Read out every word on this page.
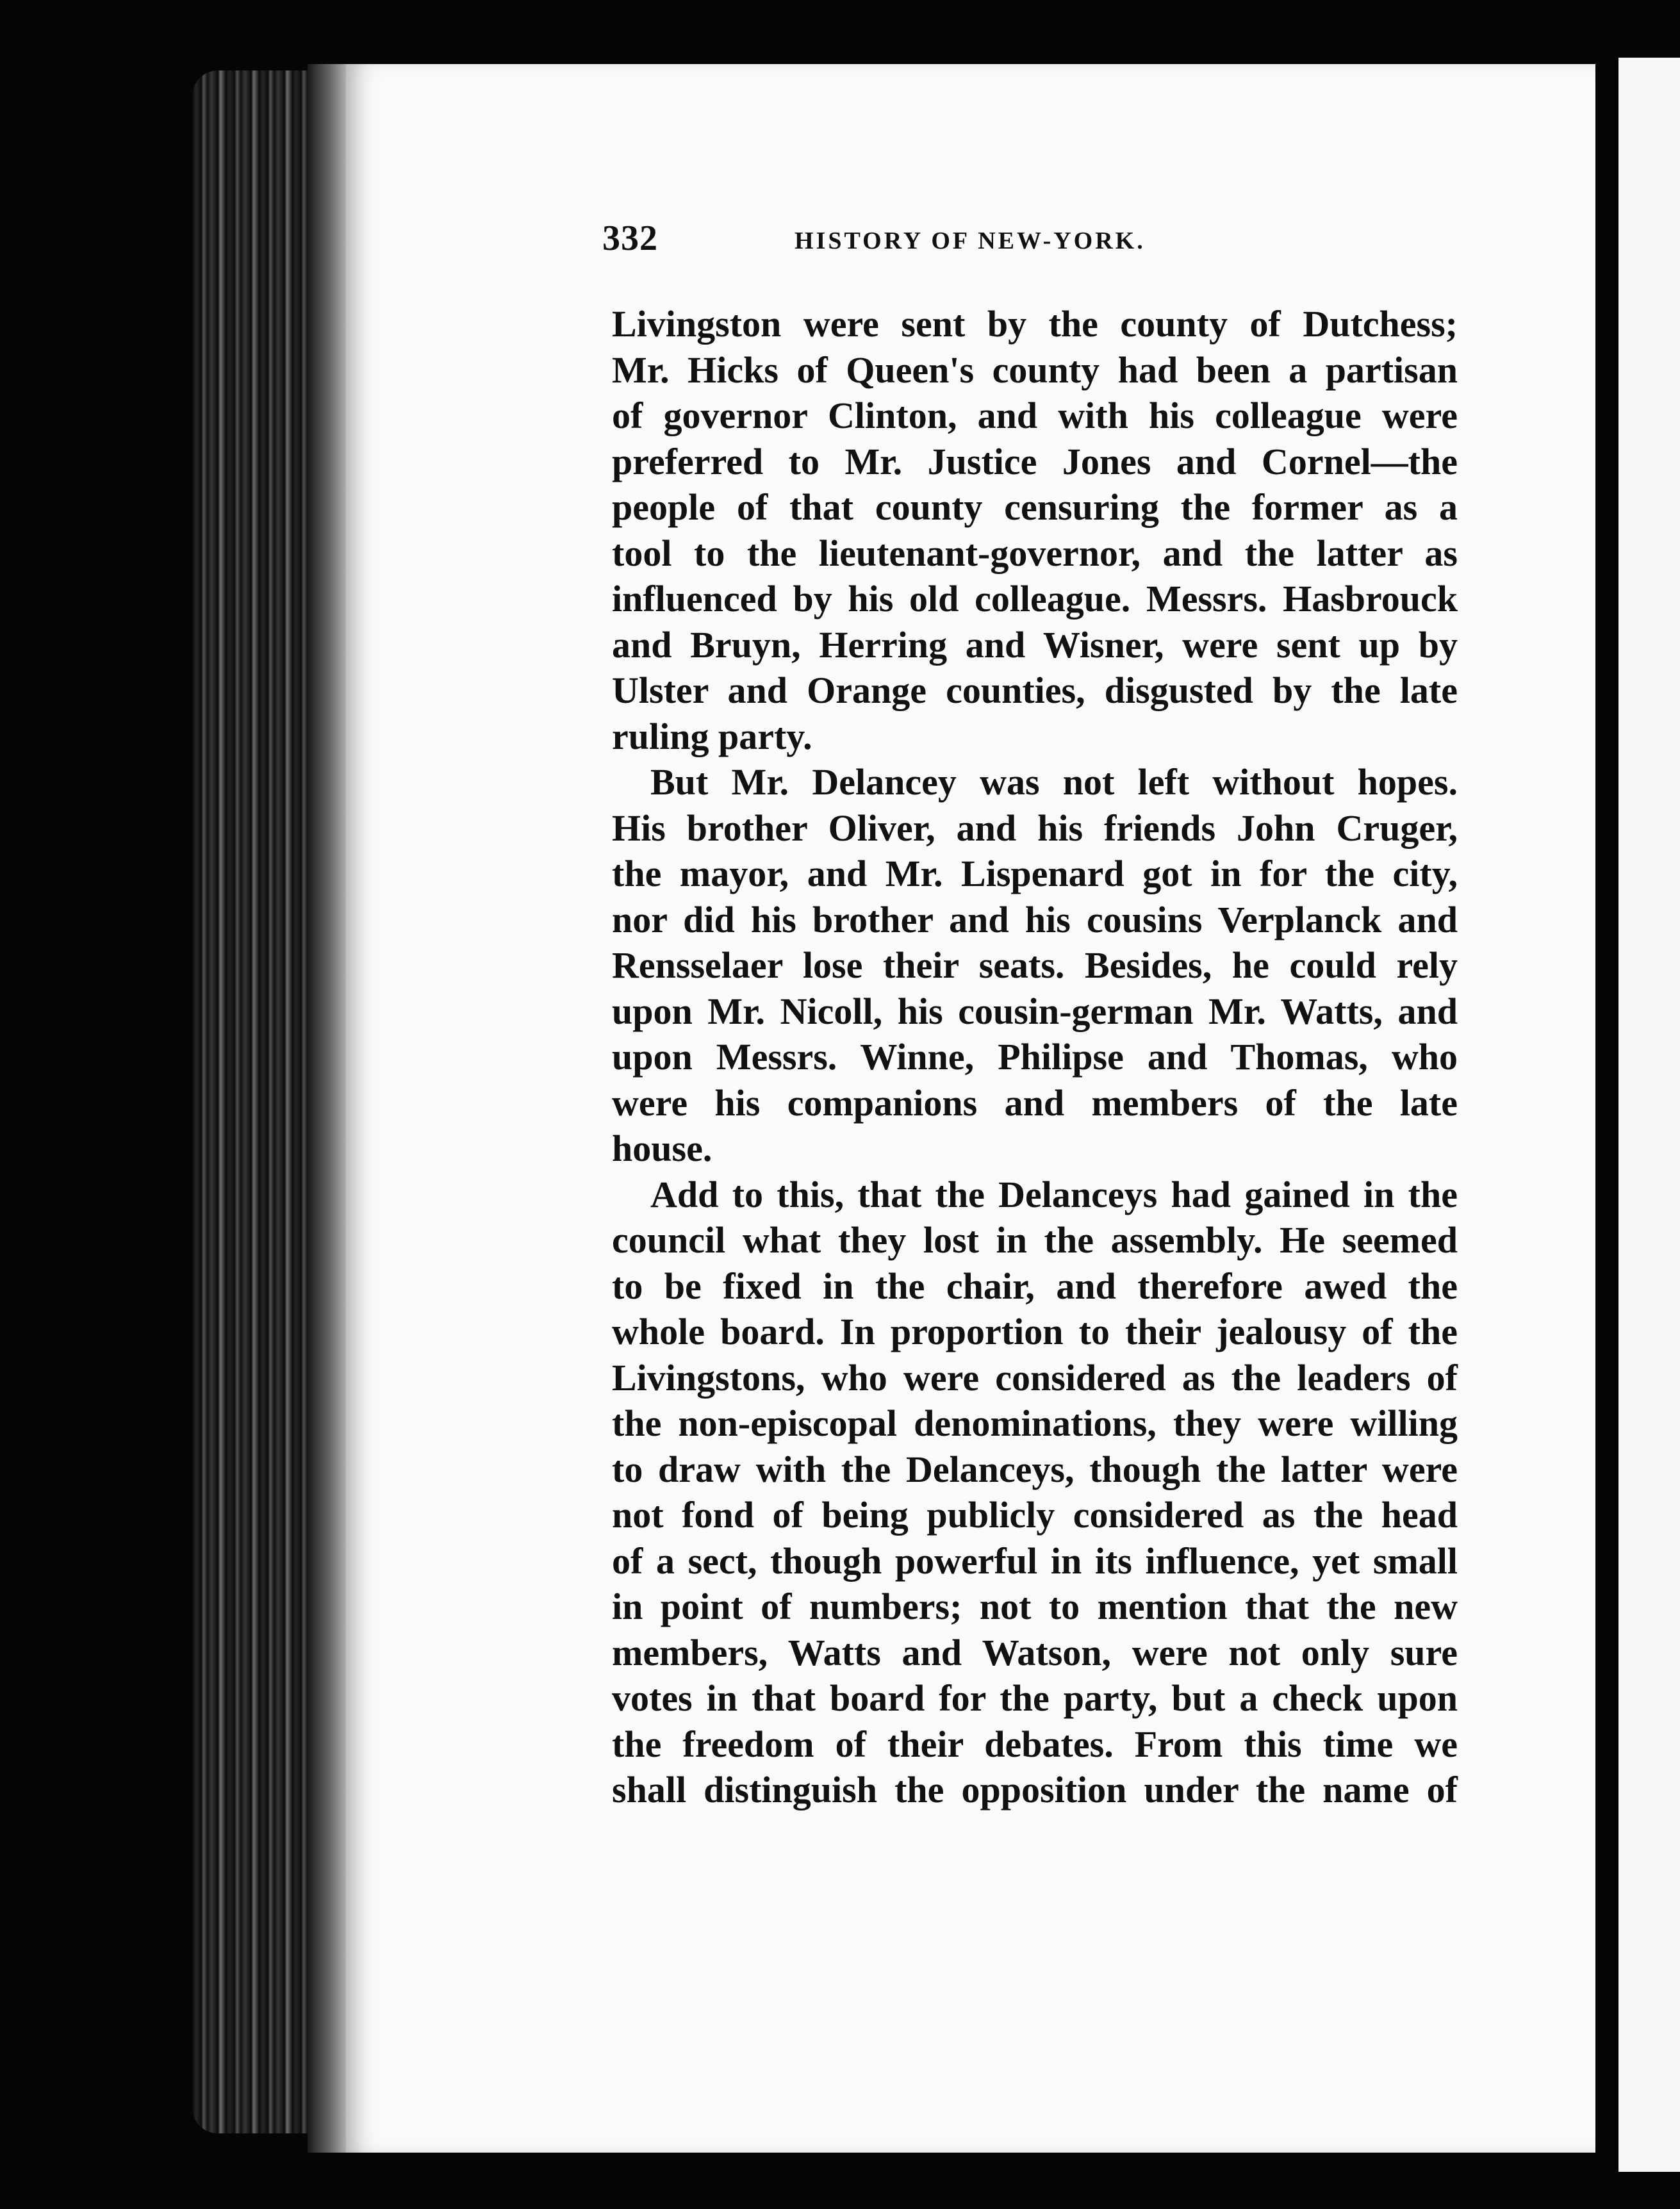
332	HISTORY OF NEW-YORK.
Livingston were sent by the county of Dutchess;
Mr. Hicks of Queen's county had been a partisan
of governor Clinton, and with his colleague were
preferred to Mr. Justice Jones and Cornel—the
people of that county censuring the former as a
tool to the lieutenant-governor, and the latter as
influenced by his old colleague. Messrs. Hasbrouck
and Bruyn, Herring and Wisner, were sent up by
Ulster and Orange counties, disgusted by the late
ruling party.
But Mr. Delancey was not left without hopes.
His brother Oliver, and his friends John Cruger,
the mayor, and Mr. Lispenard got in for the city,
nor did his brother and his cousins Verplanck and
Rensselaer lose their seats. Besides, he could rely
upon Mr. Nicoll, his cousin-german Mr. Watts, and
upon Messrs. Winne, Philipse and Thomas, who
were his companions and members of the late
house.
Add to this, that the Delanceys had gained in the
council what they lost in the assembly. He seemed
to be fixed in the chair, and therefore awed the
whole board. In proportion to their jealousy of the
Livingstons, who were considered as the leaders of
the non-episcopal denominations, they were willing
to draw with the Delanceys, though the latter were
not fond of being publicly considered as the head
of a sect, though powerful in its influence, yet small
in point of numbers; not to mention that the new
members, Watts and Watson, were not only sure
votes in that board for the party, but a check upon
the freedom of their debates. From this time we
shall distinguish the opposition under the name of
